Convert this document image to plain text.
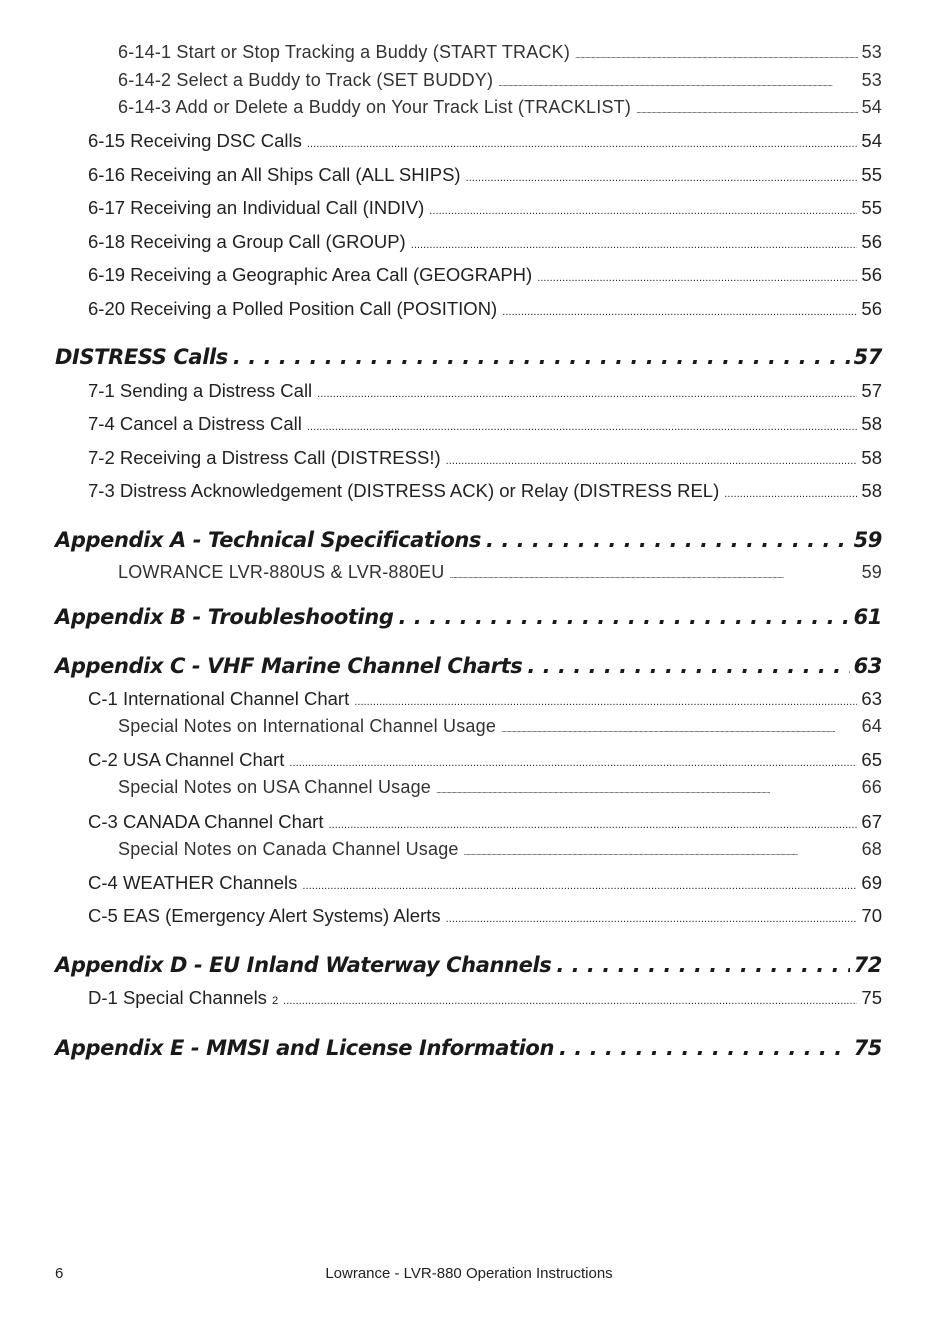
6-14-1 Start or Stop Tracking a Buddy (START TRACK) . . .	53
6-14-2 Select a Buddy to Track (SET BUDDY) . . .	53
6-14-3 Add or Delete a Buddy on Your Track List (TRACKLIST) . . .	54
6-15 Receiving DSC Calls . . .	54
6-16 Receiving an All Ships Call (ALL SHIPS) . . .	55
6-17 Receiving an Individual Call (INDIV) . . .	55
6-18 Receiving a Group Call (GROUP) . . .	56
6-19 Receiving a Geographic Area Call (GEOGRAPH) . . .	56
6-20 Receiving a Polled Position Call (POSITION) . . .	56
DISTRESS Calls . . .	57
7-1 Sending a Distress Call . . .	57
7-4 Cancel a Distress Call . . .	58
7-2 Receiving a Distress Call (DISTRESS!) . . .	58
7-3 Distress Acknowledgement (DISTRESS ACK) or Relay (DISTRESS REL) . . .	58
Appendix A - Technical Specifications . . .	59
LOWRANCE LVR-880US & LVR-880EU . . .	59
Appendix B - Troubleshooting . . .	61
Appendix C - VHF Marine Channel Charts . . .	63
C-1 International Channel Chart . . .	63
Special Notes on International Channel Usage . . .	64
C-2 USA Channel Chart . . .	65
Special Notes on USA Channel Usage . . .	66
C-3 CANADA Channel Chart . . .	67
Special Notes on Canada Channel Usage . . .	68
C-4 WEATHER Channels . . .	69
C-5 EAS (Emergency Alert Systems) Alerts . . .	70
Appendix D - EU Inland Waterway Channels . . .	72
D-1 Special Channels 2 . . .	75
Appendix E - MMSI and License Information . . .	75
6	Lowrance - LVR-880 Operation Instructions
